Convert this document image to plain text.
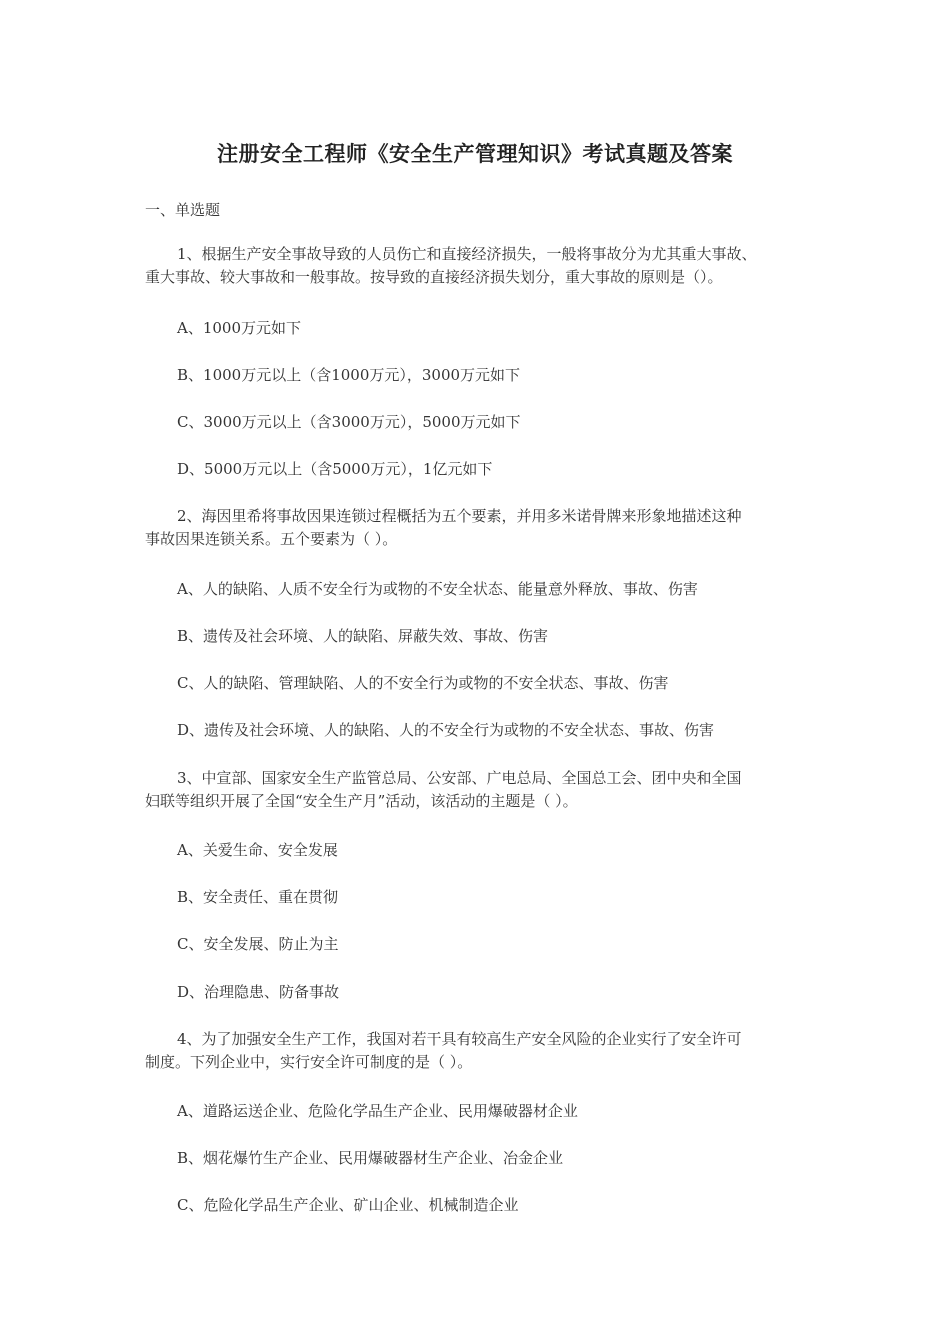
注册安全工程师《安全生产管理知识》考试真题及答案
一、单选题
1、根据生产安全事故导致的人员伤亡和直接经济损失，一般将事故分为尤其重大事故、
重大事故、较大事故和一般事故。按导致的直接经济损失划分，重大事故的原则是（）。
A、1000万元如下
B、1000万元以上（含1000万元），3000万元如下
C、3000万元以上（含3000万元），5000万元如下
D、5000万元以上（含5000万元），1亿元如下
2、海因里希将事故因果连锁过程概括为五个要素，并用多米诺骨牌来形象地描述这种
事故因果连锁关系。五个要素为（ ）。
A、人的缺陷、人质不安全行为或物的不安全状态、能量意外释放、事故、伤害
B、遗传及社会环境、人的缺陷、屏蔽失效、事故、伤害
C、人的缺陷、管理缺陷、人的不安全行为或物的不安全状态、事故、伤害
D、遗传及社会环境、人的缺陷、人的不安全行为或物的不安全状态、事故、伤害
3、中宣部、国家安全生产监管总局、公安部、广电总局、全国总工会、团中央和全国
妇联等组织开展了全国“安全生产月”活动，该活动的主题是（ ）。
A、关爱生命、安全发展
B、安全责任、重在贯彻
C、安全发展、防止为主
D、治理隐患、防备事故
4、为了加强安全生产工作，我国对若干具有较高生产安全风险的企业实行了安全许可
制度。下列企业中，实行安全许可制度的是（ ）。
A、道路运送企业、危险化学品生产企业、民用爆破器材企业
B、烟花爆竹生产企业、民用爆破器材生产企业、冶金企业
C、危险化学品生产企业、矿山企业、机械制造企业
